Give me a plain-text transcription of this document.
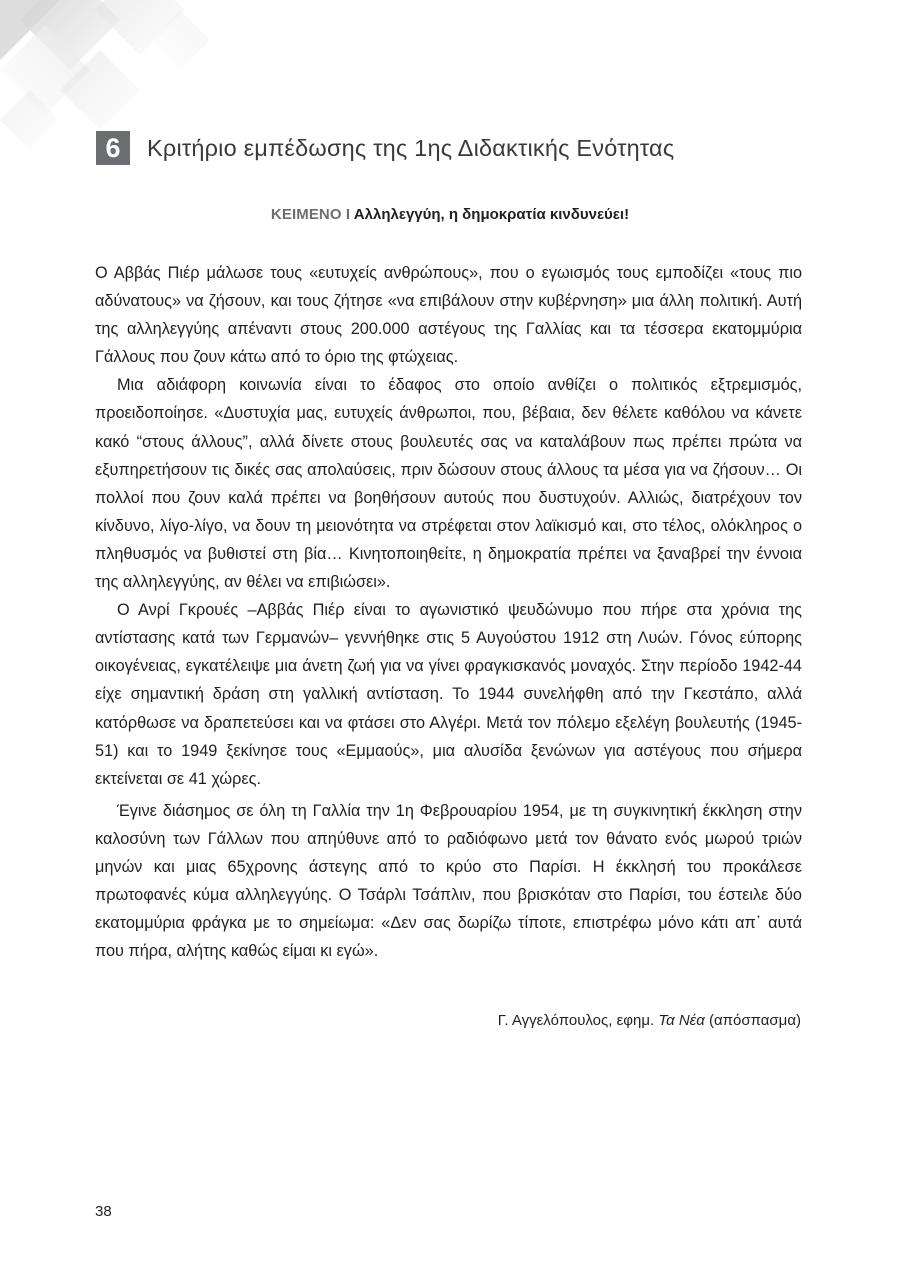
6	Κριτήριο εμπέδωσης της 1ης Διδακτικής Ενότητας
ΚΕΙΜΕΝΟ Ι Αλληλεγγύη, η δημοκρατία κινδυνεύει!

Ο Αββάς Πιέρ μάλωσε τους «ευτυχείς ανθρώπους», που ο εγωισμός τους εμποδίζει «τους πιο αδύνατους» να ζήσουν, και τους ζήτησε «να επιβάλουν στην κυβέρνηση» μια άλλη πολιτική. Αυτή της αλληλεγγύης απέναντι στους 200.000 αστέγους της Γαλλίας και τα τέσσερα εκατομμύρια Γάλλους που ζουν κάτω από το όριο της φτώχειας.

Μια αδιάφορη κοινωνία είναι το έδαφος στο οποίο ανθίζει ο πολιτικός εξτρεμισμός, προειδοποίησε. «Δυστυχία μας, ευτυχείς άνθρωποι, που, βέβαια, δεν θέλετε καθόλου να κάνετε κακό “στους άλλους”, αλλά δίνετε στους βουλευτές σας να καταλάβουν πως πρέπει πρώτα να εξυπηρετήσουν τις δικές σας απολαύσεις, πριν δώσουν στους άλλους τα μέσα για να ζήσουν… Οι πολλοί που ζουν καλά πρέπει να βοηθήσουν αυτούς που δυστυχούν. Αλλιώς, διατρέχουν τον κίνδυνο, λίγο-λίγο, να δουν τη μειονότητα να στρέφεται στον λαϊκισμό και, στο τέλος, ολόκληρος ο πληθυσμός να βυθιστεί στη βία… Κινητοποιηθείτε, η δημοκρατία πρέπει να ξαναβρεί την έννοια της αλληλεγγύης, αν θέλει να επιβιώσει».

Ο Ανρί Γκρουές –Αββάς Πιέρ είναι το αγωνιστικό ψευδώνυμο που πήρε στα χρόνια της αντίστασης κατά των Γερμανών– γεννήθηκε στις 5 Αυγούστου 1912 στη Λυών. Γόνος εύπορης οικογένειας, εγκατέλειψε μια άνετη ζωή για να γίνει φραγκισκανός μοναχός. Στην περίοδο 1942-44 είχε σημαντική δράση στη γαλλική αντίσταση. Το 1944 συνελήφθη από την Γκεστάπο, αλλά κατόρθωσε να δραπετεύσει και να φτάσει στο Αλγέρι. Μετά τον πόλεμο εξελέγη βουλευτής (1945-51) και το 1949 ξεκίνησε τους «Εμμαούς», μια αλυσίδα ξενώνων για αστέγους που σήμερα εκτείνεται σε 41 χώρες.

Έγινε διάσημος σε όλη τη Γαλλία την 1η Φεβρουαρίου 1954, με τη συγκινητική έκκληση στην καλοσύνη των Γάλλων που απηύθυνε από το ραδιόφωνο μετά τον θάνατο ενός μωρού τριών μηνών και μιας 65χρονης άστεγης από το κρύο στο Παρίσι. Η έκκλησή του προκάλεσε πρωτοφανές κύμα αλληλεγγύης. Ο Τσάρλι Τσάπλιν, που βρισκόταν στο Παρίσι, του έστειλε δύο εκατομμύρια φράγκα με το σημείωμα: «Δεν σας δωρίζω τίποτε, επιστρέφω μόνο κάτι απ᾽ αυτά που πήρα, αλήτης καθώς είμαι κι εγώ».

Γ. Αγγελόπουλος, εφημ. Τα Νέα (απόσπασμα)
38
